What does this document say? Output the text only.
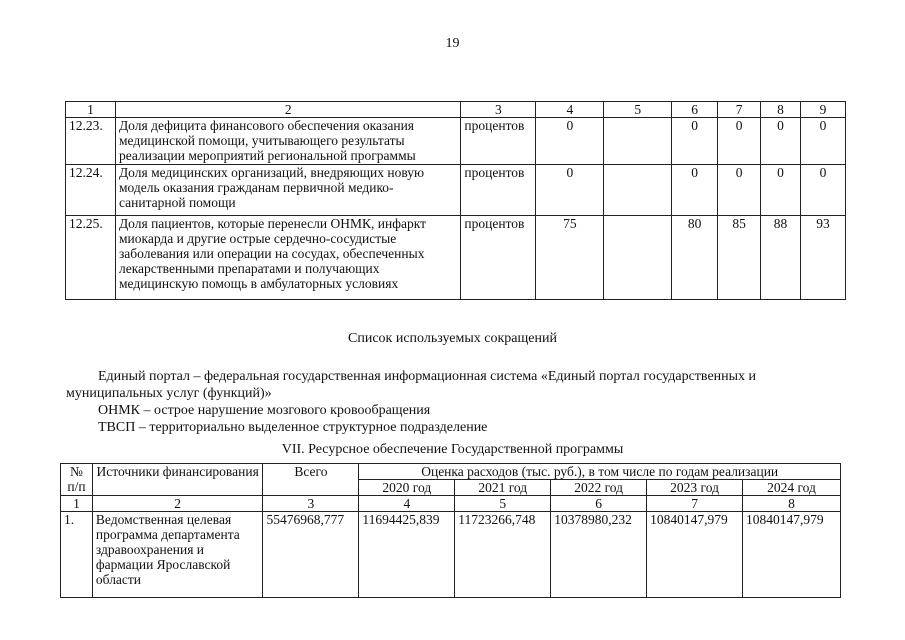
19
1	2	3	4	5	6	7	8	9
12.23.	Доля дефицита финансового обеспечения оказания медицинской помощи, учитывающего результаты реализации мероприятий региональной программы	процентов	0		0	0	0	0
12.24.	Доля медицинских организаций, внедряющих новую модель оказания гражданам первичной медико-санитарной помощи	процентов	0		0	0	0	0
12.25.	Доля пациентов, которые перенесли ОНМК, инфаркт миокарда и другие острые сердечно-сосудистые заболевания или операции на сосудах, обеспеченных лекарственными препаратами и получающих медицинскую помощь в амбулаторных условиях	процентов	75		80	85	88	93
Список используемых сокращений
Единый портал – федеральная государственная информационная система «Единый портал государственных и муниципальных услуг (функций)»
ОНМК – острое нарушение мозгового кровообращения
ТВСП – территориально выделенное структурное подразделение
VII. Ресурсное обеспечение Государственной программы
№ п/п	Источники финансирования	Всего	Оценка расходов (тыс. руб.), в том числе по годам реализации				
			2020 год	2021 год	2022 год	2023 год	2024 год
1	2	3	4	5	6	7	8
1.	Ведомственная целевая программа департамента здравоохранения и фармации Ярославской области	55476968,777	11694425,839	11723266,748	10378980,232	10840147,979	10840147,979
